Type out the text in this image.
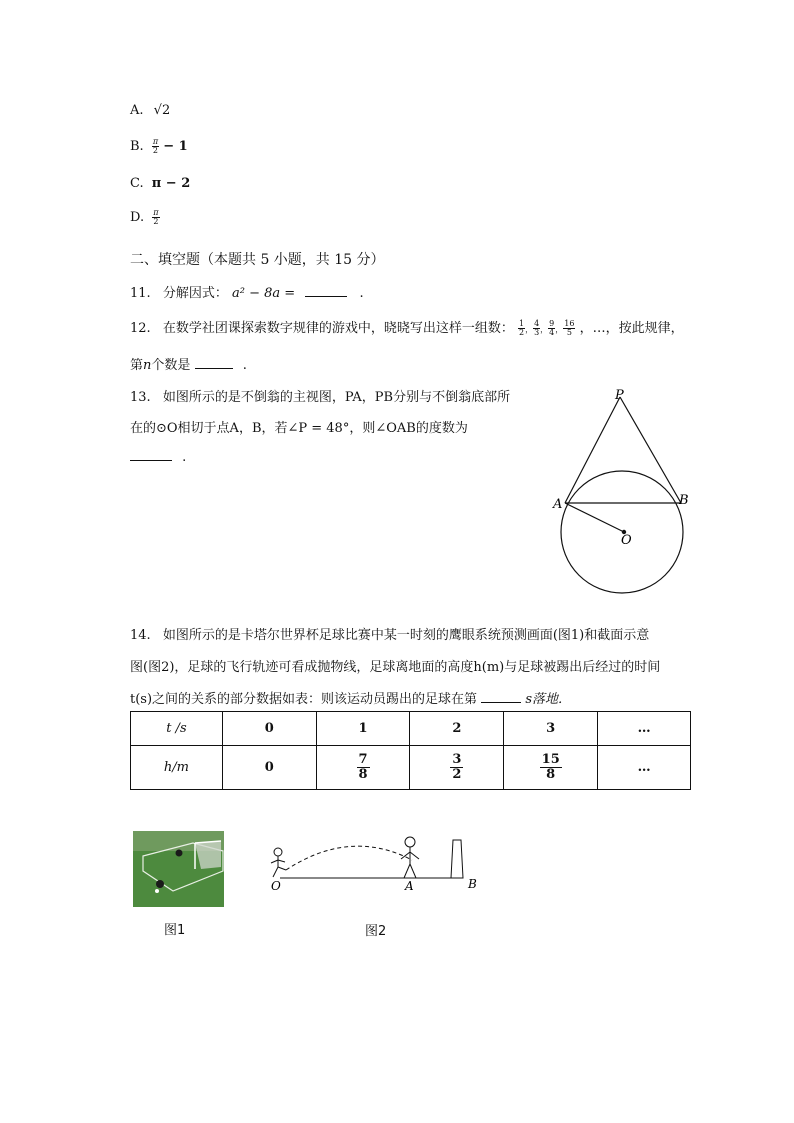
A. √2
B. $\frac{\pi}{2} - 1$
C. π − 2
D. $\frac{\pi}{2}$
二、填空题（本题共 5 小题，共 15 分）
11. 分解因式： a² − 8a =	.
12. 在数学社团课探索数字规律的游戏中，晓晓写出这样一组数： $\frac{1}{2}$ ， $\frac{4}{3}$ ， $\frac{9}{4}$ ， $\frac{16}{5}$ ，…，按此规律，
第n个数是	.
13. 如图所示的是不倒翁的主视图，PA，PB分别与不倒翁底部所
在的⊙O相切于点A，B，若∠P = 48°，则∠OAB的度数为
.
P
A	B
O
14. 如图所示的是卡塔尔世界杯足球比赛中某一时刻的鹰眼系统预测画面(图1)和截面示意
图(图2)，足球的飞行轨迹可看成抛物线，足球离地面的高度h(m)与足球被踢出后经过的时间
t(s)之间的关系的部分数据如表：则该运动员踢出的足球在第	s落地．
t /s	0	1	2	3	…
h/m	0	$\frac{7}{8}$	$\frac{3}{2}$	$\frac{15}{8}$	…
图1
O	A	B
图2
